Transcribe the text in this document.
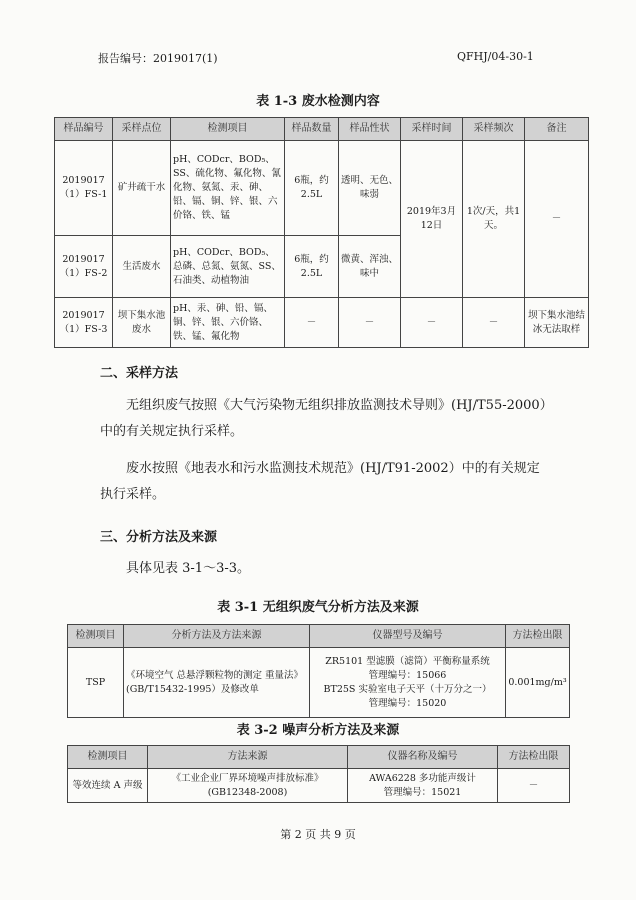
报告编号：2019017(1)	QFHJ/04-30-1
表 1-3 废水检测内容
样品编号	采样点位	检测项目	样品数量	样品性状	采样时间	采样频次	备注
2019017（1）FS-1	矿井疏干水	pH、CODcr、BOD₅、SS、硫化物、氟化物、氰化物、氨氮、汞、砷、铅、镉、铜、锌、银、六价铬、铁、锰	6瓶，约2.5L	透明、无色、味弱	2019年3月12日	1次/天，共1天。	－
2019017（1）FS-2	生活废水	pH、CODcr、BOD₅、总磷、总氮、氨氮、SS、石油类、动植物油	6瓶，约2.5L	微黄、浑浊、味中			
2019017（1）FS-3	坝下集水池废水	pH、汞、砷、铅、镉、铜、锌、银、六价铬、铁、锰、氟化物	－	－	－	－	坝下集水池结冰无法取样
二、采样方法
无组织废气按照《大气污染物无组织排放监测技术导则》(HJ/T55-2000）中的有关规定执行采样。
废水按照《地表水和污水监测技术规范》(HJ/T91-2002）中的有关规定执行采样。
三、分析方法及来源
具体见表 3-1～3-3。
表 3-1 无组织废气分析方法及来源
检测项目	分析方法及方法来源	仪器型号及编号	方法检出限
TSP	《环境空气 总悬浮颗粒物的测定 重量法》(GB/T15432-1995）及修改单	ZR5101 型滤膜（滤筒）平衡称量系统
管理编号：15066
BT25S 实验室电子天平（十万分之一）
管理编号：15020	0.001mg/m³
表 3-2 噪声分析方法及来源
检测项目	方法来源	仪器名称及编号	方法检出限
等效连续 A 声级	《工业企业厂界环境噪声排放标准》(GB12348-2008)	AWA6228 多功能声级计
管理编号：15021	－
第 2 页 共 9 页
